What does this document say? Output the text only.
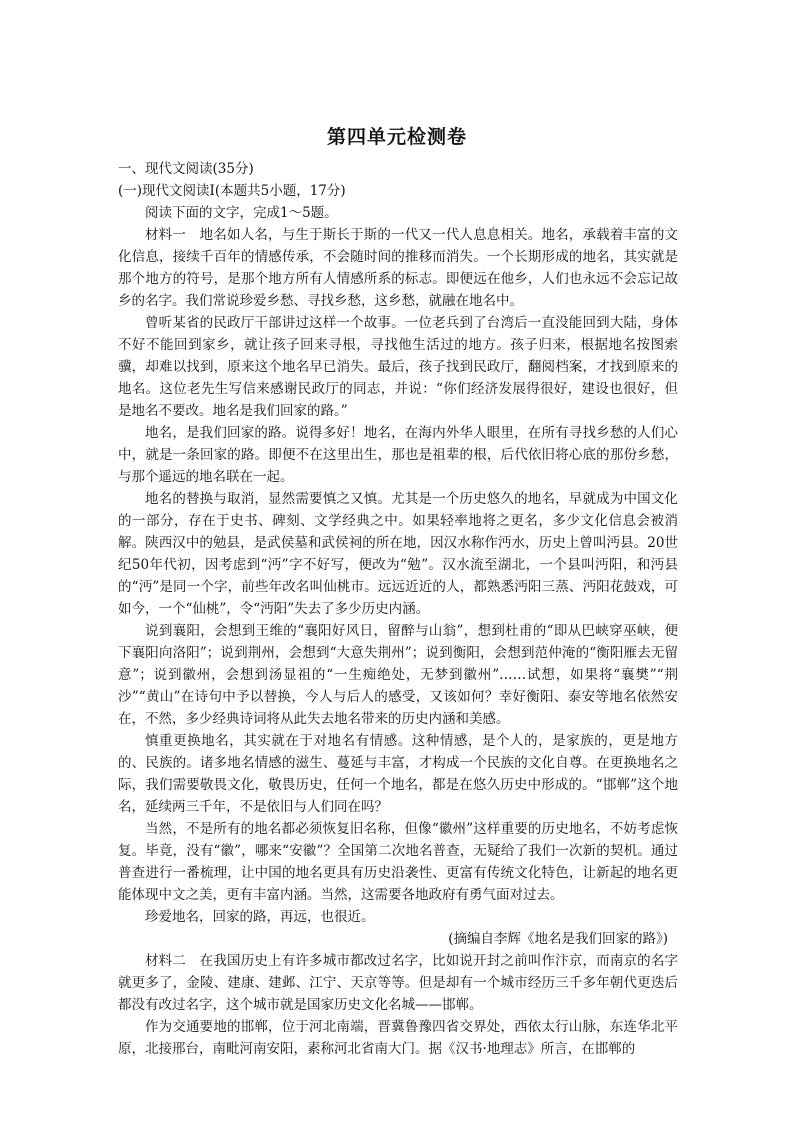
第四单元检测卷

一、现代文阅读(35分)

(一)现代文阅读Ⅰ(本题共5小题，17分)

阅读下面的文字，完成1～5题。

材料一　地名如人名，与生于斯长于斯的一代又一代人息息相关。地名，承载着丰富的文化信息，接续千百年的情感传承，不会随时间的推移而消失。一个长期形成的地名，其实就是那个地方的符号，是那个地方所有人情感所系的标志。即便远在他乡，人们也永远不会忘记故乡的名字。我们常说珍爱乡愁、寻找乡愁，这乡愁，就融在地名中。

曾听某省的民政厅干部讲过这样一个故事。一位老兵到了台湾后一直没能回到大陆，身体不好不能回到家乡，就让孩子回来寻根，寻找他生活过的地方。孩子归来，根据地名按图索骥，却难以找到，原来这个地名早已消失。最后，孩子找到民政厅，翻阅档案，才找到原来的地名。这位老先生写信来感谢民政厅的同志，并说：“你们经济发展得很好，建设也很好，但是地名不要改。地名是我们回家的路。”

地名，是我们回家的路。说得多好！地名，在海内外华人眼里，在所有寻找乡愁的人们心中，就是一条回家的路。即便不在这里出生，那也是祖辈的根，后代依旧将心底的那份乡愁，与那个遥远的地名联在一起。

地名的替换与取消，显然需要慎之又慎。尤其是一个历史悠久的地名，早就成为中国文化的一部分，存在于史书、碑刻、文学经典之中。如果轻率地将之更名，多少文化信息会被消解。陕西汉中的勉县，是武侯墓和武侯祠的所在地，因汉水称作沔水，历史上曾叫沔县。20世纪50年代初，因考虑到“沔”字不好写，便改为“勉”。汉水流至湖北，一个县叫沔阳，和沔县的“沔”是同一个字，前些年改名叫仙桃市。远远近近的人，都熟悉沔阳三蒸、沔阳花鼓戏，可如今，一个“仙桃”，令“沔阳”失去了多少历史内涵。

说到襄阳，会想到王维的“襄阳好风日，留醉与山翁”，想到杜甫的“即从巴峡穿巫峡，便下襄阳向洛阳”；说到荆州，会想到“大意失荆州”；说到衡阳，会想到范仲淹的“衡阳雁去无留意”；说到徽州，会想到汤显祖的“一生痴绝处，无梦到徽州”……试想，如果将“襄樊”“荆沙”“黄山”在诗句中予以替换，今人与后人的感受，又该如何？幸好衡阳、泰安等地名依然安在，不然，多少经典诗词将从此失去地名带来的历史内涵和美感。

慎重更换地名，其实就在于对地名有情感。这种情感，是个人的，是家族的，更是地方的、民族的。诸多地名情感的滋生、蔓延与丰富，才构成一个民族的文化自尊。在更换地名之际，我们需要敬畏文化，敬畏历史，任何一个地名，都是在悠久历史中形成的。“邯郸”这个地名，延续两三千年，不是依旧与人们同在吗？

当然，不是所有的地名都必须恢复旧名称，但像“徽州”这样重要的历史地名，不妨考虑恢复。毕竟，没有“徽”，哪来“安徽”？全国第二次地名普查，无疑给了我们一次新的契机。通过普查进行一番梳理，让中国的地名更具有历史沿袭性、更富有传统文化特色，让新起的地名更能体现中文之美，更有丰富内涵。当然，这需要各地政府有勇气面对过去。

珍爱地名，回家的路，再远，也很近。

(摘编自李辉《地名是我们回家的路》)

材料二　在我国历史上有许多城市都改过名字，比如说开封之前叫作汴京，而南京的名字就更多了，金陵、建康、建邺、江宁、天京等等。但是却有一个城市经历三千多年朝代更迭后都没有改过名字，这个城市就是国家历史文化名城——邯郸。

作为交通要地的邯郸，位于河北南端，晋冀鲁豫四省交界处，西依太行山脉，东连华北平原，北接邢台，南毗河南安阳，素称河北省南大门。据《汉书·地理志》所言，在邯郸的
